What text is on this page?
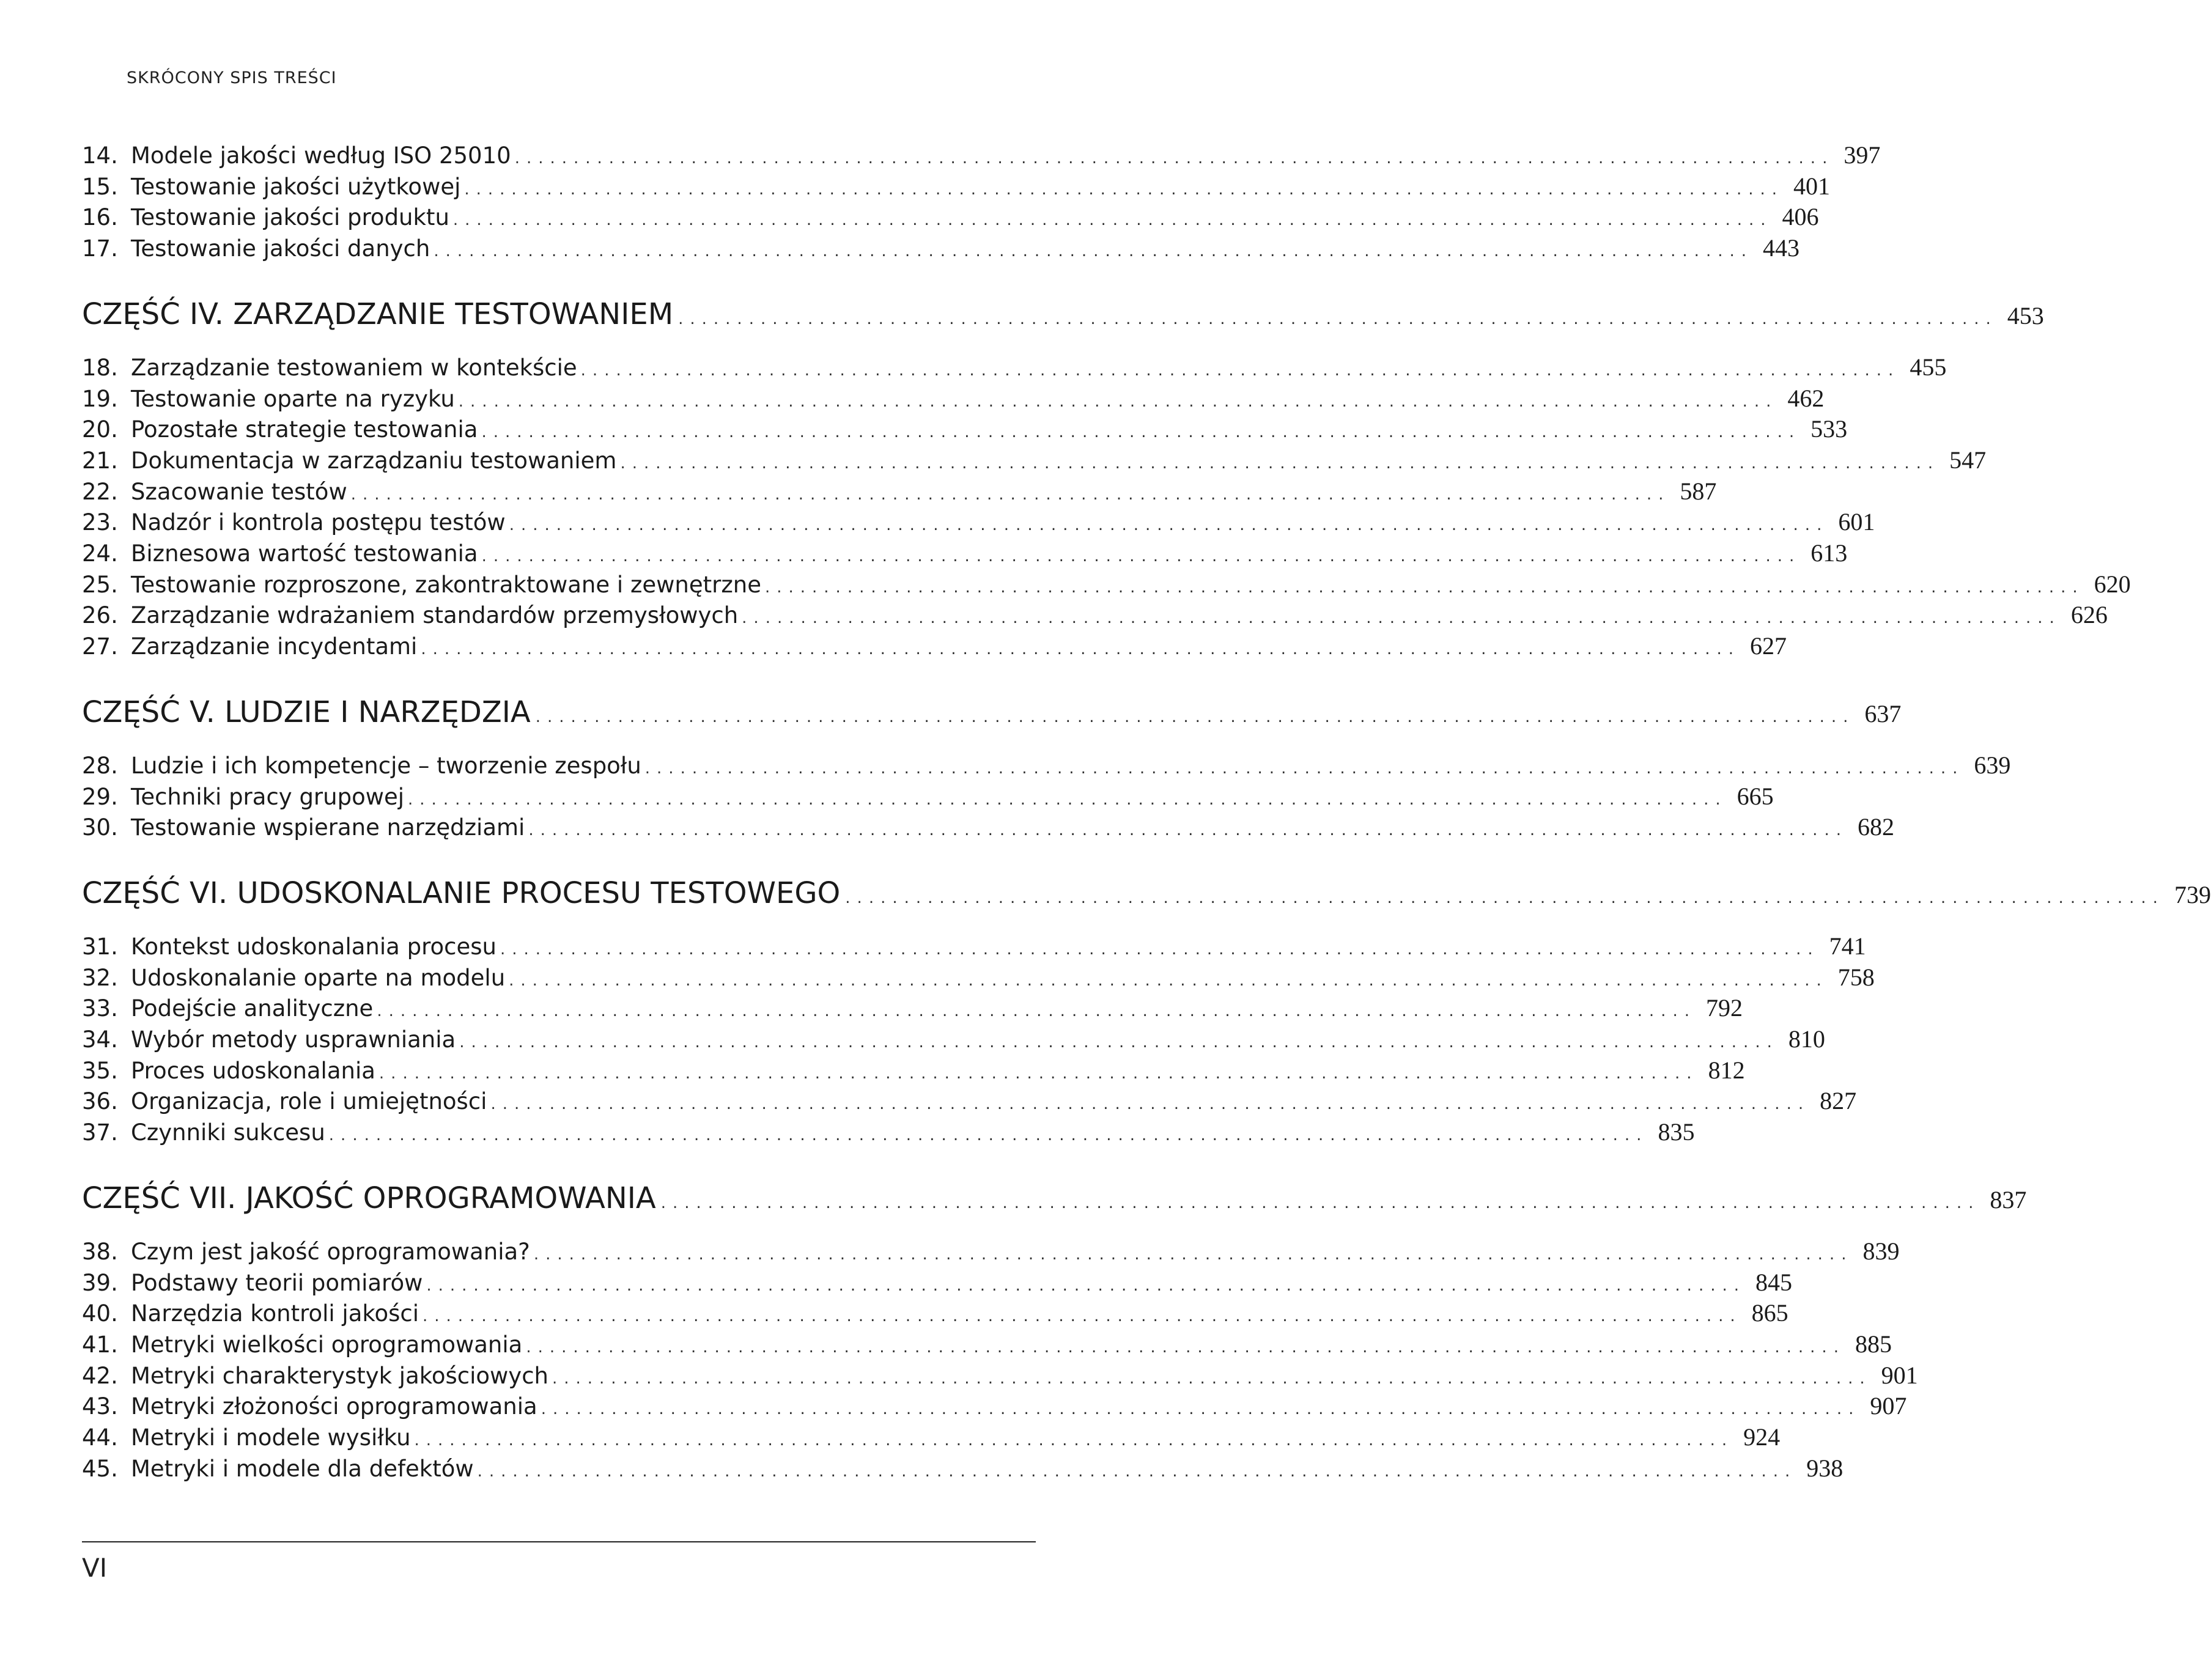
SKRÓCONY SPIS TREŚCI
14. Modele jakości według ISO 25010 ................................................................................................................ 397
15. Testowanie jakości użytkowej ................................................................................................................ 401
16. Testowanie jakości produktu ................................................................................................................ 406
17. Testowanie jakości danych ................................................................................................................ 443
CZĘŚĆ IV. ZARZĄDZANIE TESTOWANIEM ................................................................................................................ 453
18. Zarządzanie testowaniem w kontekście ................................................................................................................ 455
19. Testowanie oparte na ryzyku ................................................................................................................ 462
20. Pozostałe strategie testowania ................................................................................................................ 533
21. Dokumentacja w zarządzaniu testowaniem ................................................................................................................ 547
22. Szacowanie testów ................................................................................................................ 587
23. Nadzór i kontrola postępu testów ................................................................................................................ 601
24. Biznesowa wartość testowania ................................................................................................................ 613
25. Testowanie rozproszone, zakontraktowane i zewnętrzne ................................................................................................................ 620
26. Zarządzanie wdrażaniem standardów przemysłowych ................................................................................................................ 626
27. Zarządzanie incydentami ................................................................................................................ 627
CZĘŚĆ V. LUDZIE I NARZĘDZIA ................................................................................................................ 637
28. Ludzie i ich kompetencje – tworzenie zespołu ................................................................................................................ 639
29. Techniki pracy grupowej ................................................................................................................ 665
30. Testowanie wspierane narzędziami ................................................................................................................ 682
CZĘŚĆ VI. UDOSKONALANIE PROCESU TESTOWEGO ................................................................................................................ 739
31. Kontekst udoskonalania procesu ................................................................................................................ 741
32. Udoskonalanie oparte na modelu ................................................................................................................ 758
33. Podejście analityczne ................................................................................................................ 792
34. Wybór metody usprawniania ................................................................................................................ 810
35. Proces udoskonalania ................................................................................................................ 812
36. Organizacja, role i umiejętności ................................................................................................................ 827
37. Czynniki sukcesu ................................................................................................................ 835
CZĘŚĆ VII. JAKOŚĆ OPROGRAMOWANIA ................................................................................................................ 837
38. Czym jest jakość oprogramowania? ................................................................................................................ 839
39. Podstawy teorii pomiarów ................................................................................................................ 845
40. Narzędzia kontroli jakości ................................................................................................................ 865
41. Metryki wielkości oprogramowania ................................................................................................................ 885
42. Metryki charakterystyk jakościowych ................................................................................................................ 901
43. Metryki złożoności oprogramowania ................................................................................................................ 907
44. Metryki i modele wysiłku ................................................................................................................ 924
45. Metryki i modele dla defektów ................................................................................................................ 938
VI
